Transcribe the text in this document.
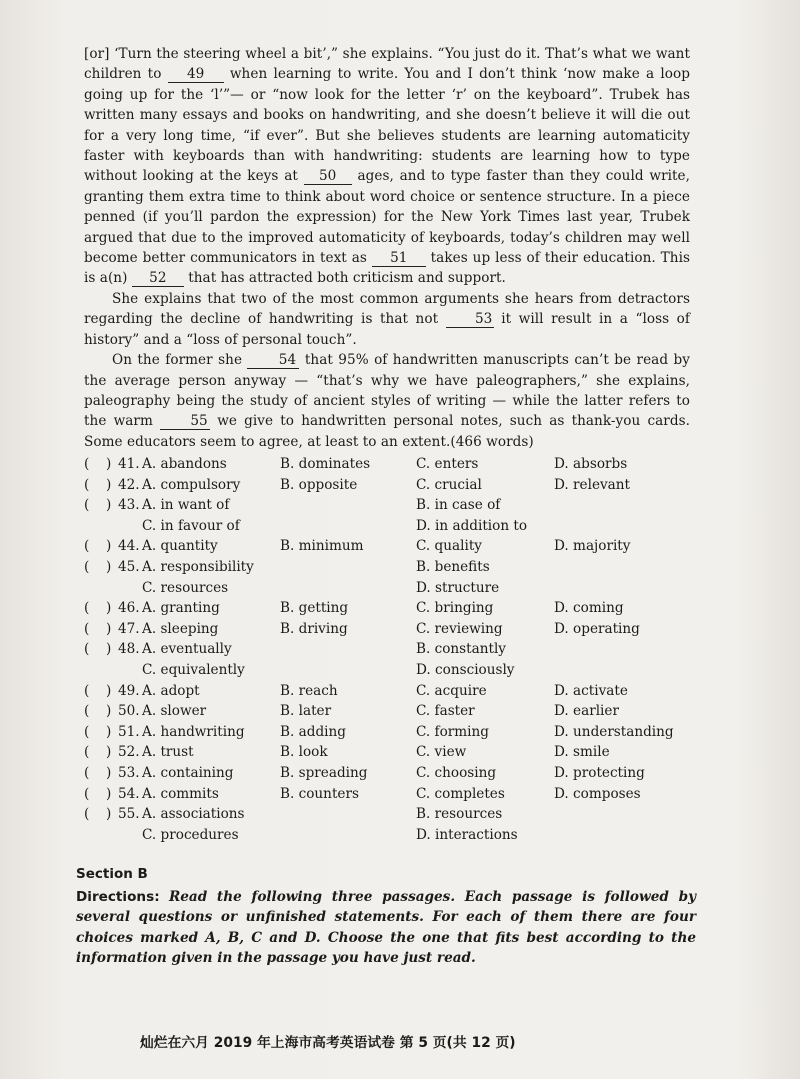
[or] ‘Turn the steering wheel a bit’,” she explains. “You just do it. That’s what we want children to 49 when learning to write. You and I don’t think ‘now make a loop going up for the ‘l’”— or “now look for the letter ‘r’ on the keyboard”. Trubek has written many essays and books on handwriting, and she doesn’t believe it will die out for a very long time, “if ever”. But she believes students are learning automaticity faster with keyboards than with handwriting: students are learning how to type without looking at the keys at 50 ages, and to type faster than they could write, granting them extra time to think about word choice or sentence structure. In a piece penned (if you’ll pardon the expression) for the New York Times last year, Trubek argued that due to the improved automaticity of keyboards, today’s children may well become better communicators in text as 51 takes up less of their education. This is a(n) 52 that has attracted both criticism and support.

She explains that two of the most common arguments she hears from detractors regarding the decline of handwriting is that not	53 it will result in a “loss of history” and a “loss of personal touch”.

On the former she	54 that 95% of handwritten manuscripts can’t be read by the average person anyway — “that’s why we have paleographers,” she explains, paleography being the study of ancient styles of writing — while the latter refers to the warm	55 we give to handwritten personal notes, such as thank-you cards. Some educators seem to agree, at least to an extent.(466 words)

( ) 41. A. abandons	B. dominates	C. enters	D. absorbs
( ) 42. A. compulsory	B. opposite	C. crucial	D. relevant
( ) 43. A. in want of	B. in case of
C. in favour of	D. in addition to
( ) 44. A. quantity	B. minimum	C. quality	D. majority
( ) 45. A. responsibility	B. benefits
C. resources	D. structure
( ) 46. A. granting	B. getting	C. bringing	D. coming
( ) 47. A. sleeping	B. driving	C. reviewing	D. operating
( ) 48. A. eventually	B. constantly
C. equivalently	D. consciously
( ) 49. A. adopt	B. reach	C. acquire	D. activate
( ) 50. A. slower	B. later	C. faster	D. earlier
( ) 51. A. handwriting	B. adding	C. forming	D. understanding
( ) 52. A. trust	B. look	C. view	D. smile
( ) 53. A. containing	B. spreading	C. choosing	D. protecting
( ) 54. A. commits	B. counters	C. completes	D. composes
( ) 55. A. associations	B. resources
C. procedures	D. interactions

Section B

Directions: Read the following three passages. Each passage is followed by several questions or unfinished statements. For each of them there are four choices marked A, B, C and D. Choose the one that fits best according to the information given in the passage you have just read.

灿烂在六月 2019 年上海市高考英语试卷 第 5 页(共 12 页)
